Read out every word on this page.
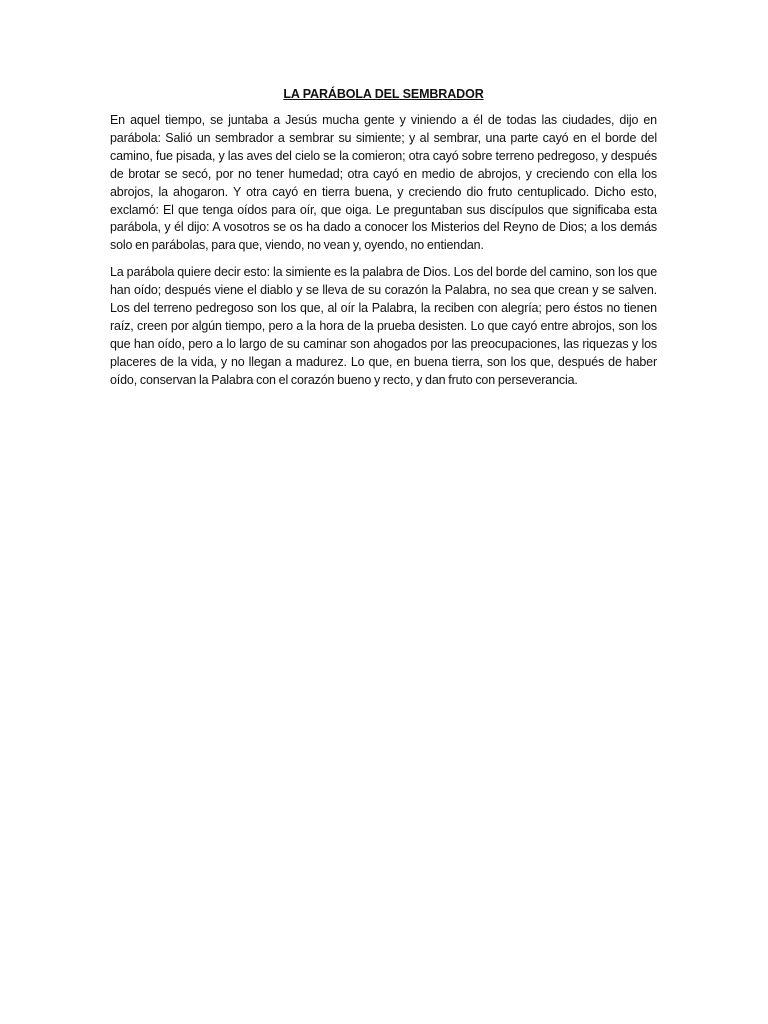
LA PARÁBOLA DEL SEMBRADOR

En aquel tiempo, se juntaba a Jesús mucha gente y viniendo a él de todas las ciudades, dijo en parábola: Salió un sembrador a sembrar su simiente; y al sembrar, una parte cayó en el borde del camino, fue pisada, y las aves del cielo se la comieron; otra cayó sobre terreno pedregoso, y después de brotar se secó, por no tener humedad; otra cayó en medio de abrojos, y creciendo con ella los abrojos, la ahogaron. Y otra cayó en tierra buena, y creciendo dio fruto centuplicado. Dicho esto, exclamó: El que tenga oídos para oír, que oiga. Le preguntaban sus discípulos que significaba esta parábola, y él dijo: A vosotros se os ha dado a conocer los Misterios del Reyno de Dios; a los demás solo en parábolas, para que, viendo, no vean y, oyendo, no entiendan.

La parábola quiere decir esto: la simiente es la palabra de Dios. Los del borde del camino, son los que han oído; después viene el diablo y se lleva de su corazón la Palabra, no sea que crean y se salven. Los del terreno pedregoso son los que, al oír la Palabra, la reciben con alegría; pero éstos no tienen raíz, creen por algún tiempo, pero a la hora de la prueba desisten. Lo que cayó entre abrojos, son los que han oído, pero a lo largo de su caminar son ahogados por las preocupaciones, las riquezas y los placeres de la vida, y no llegan a madurez. Lo que, en buena tierra, son los que, después de haber oído, conservan la Palabra con el corazón bueno y recto, y dan fruto con perseverancia.
